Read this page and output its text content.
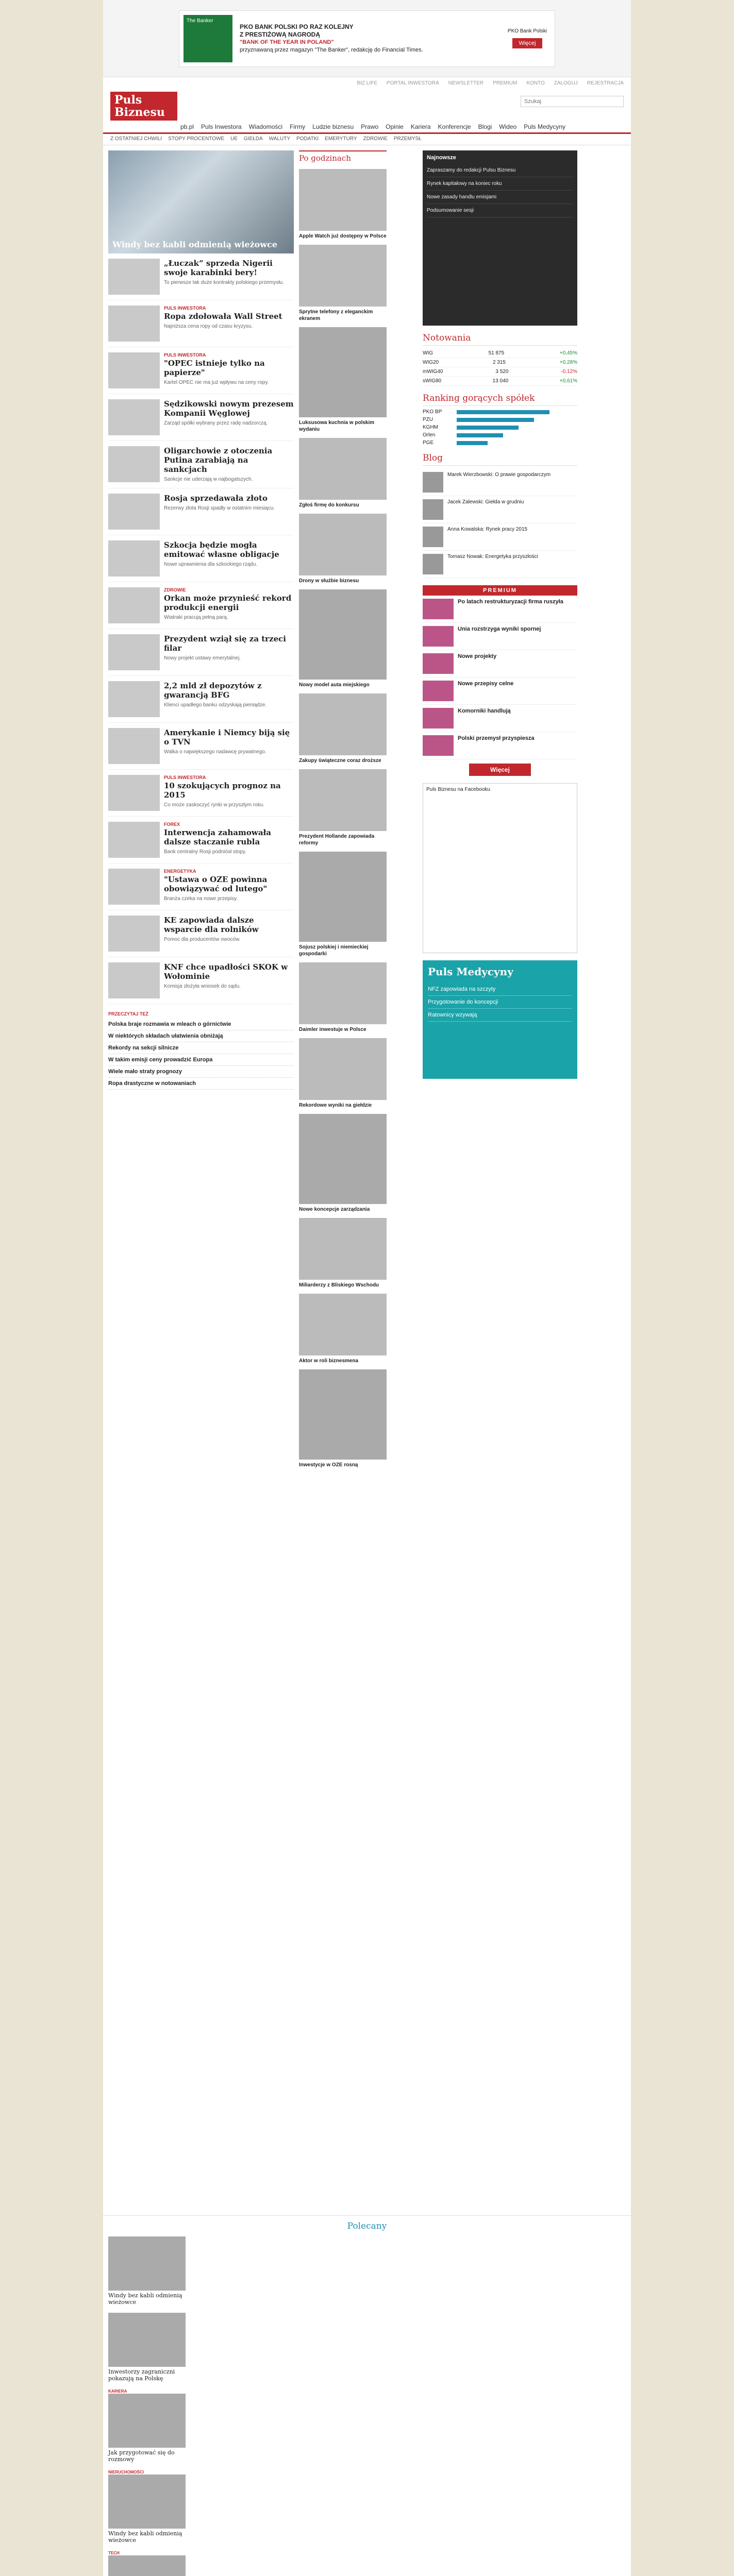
The Banker
PKO BANK POLSKI PO RAZ KOLEJNY
Z PRESTIŻOWĄ NAGRODĄ
"BANK OF THE YEAR IN POLAND"
przyznawaną przez magazyn "The Banker", redakcję do Financial Times.
PKO Bank Polski
Więcej
BIZ.LIFE PORTAL INWESTORA NEWSLETTER PREMIUM KONTO ZALOGUJ REJESTRACJA
Puls Biznesu
Szukaj
pb.pl Puls Inwestora Wiadomości Firmy Ludzie biznesu Prawo Opinie Kariera Konferencje Blogi Wideo Puls Medycyny
Z OSTATNIEJ CHWILI STOPY PROCENTOWE UE GIEŁDA WALUTY PODATKI EMERYTURY ZDROWIE PRZEMYSŁ
Windy bez kabli odmienią wieżowce
„Łuczak” sprzeda Nigerii swoje karabinki bery!
To pierwsze tak duże kontrakty polskiego przemysłu.
PULS INWESTORA
Ropa zdołowała Wall Street
Najniższa cena ropy od czasu kryzysu.
PULS INWESTORA
"OPEC istnieje tylko na papierze"
Kartel OPEC nie ma już wpływu na ceny ropy.
Sędzikowski nowym prezesem Kompanii Węglowej
Zarząd spółki wybrany przez radę nadzorczą.
Oligarchowie z otoczenia Putina zarabiają na sankcjach
Sankcje nie uderzają w najbogatszych.
Rosja sprzedawała złoto
Rezerwy złota Rosji spadły w ostatnim miesiącu.
Szkocja będzie mogła emitować własne obligacje
Nowe uprawnienia dla szkockiego rządu.
ZDROWIE
Orkan może przynieść rekord produkcji energii
Wiatraki pracują pełną parą.
Prezydent wziął się za trzeci filar
Nowy projekt ustawy emerytalnej.
2,2 mld zł depozytów z gwarancją BFG
Klienci upadłego banku odzyskają pieniądze.
Amerykanie i Niemcy biją się o TVN
Walka o największego nadawcę prywatnego.
PULS INWESTORA
10 szokujących prognoz na 2015
Co może zaskoczyć rynki w przyszłym roku.
FOREX
Interwencja zahamowała dalsze staczanie rubla
Bank centralny Rosji podniósł stopy.
ENERGETYKA
"Ustawa o OZE powinna obowiązywać od lutego"
Branża czeka na nowe przepisy.
KE zapowiada dalsze wsparcie dla rolników
Pomoc dla producentów owoców.
KNF chce upadłości SKOK w Wołominie
Komisja złożyła wniosek do sądu.
PRZECZYTAJ TEŻ
Polska braje rozmawia w mleach o górnictwie
W niektórych składach ułatwienia obniżają
Rekordy na sekcji silnicze
W takim emisji ceny prowadzić Europa
Wiele mało straty prognozy
Ropa drastyczne w notowaniach
Po godzinach
Apple Watch już dostępny w Polsce
Sprytne telefony z eleganckim ekranem
Luksusowa kuchnia w polskim wydaniu
Zgłoś firmę do konkursu
Drony w służbie biznesu
Nowy model auta miejskiego
Zakupy świąteczne coraz droższe
Prezydent Hollande zapowiada reformy
Sojusz polskiej i niemieckiej gospodarki
Daimler inwestuje w Polsce
Rekordowe wyniki na giełdzie
Nowe koncepcje zarządzania
Miliarderzy z Bliskiego Wschodu
Aktor w roli biznesmena
Inwestycje w OZE rosną
Najnowsze
Zapraszamy do redakcji Pulsu Biznesu
Rynek kapitałowy na koniec roku
Nowe zasady handlu emisjami
Podsumowanie sesji
Notowania
WIG	51 875	+0,45%
WIG20	2 315	+0,28%
mWIG40	3 520	-0,12%
sWIG80	13 040	+0,61%
Ranking gorących spółek
PKO BP
PZU
KGHM
Orlen
PGE
Blog
Marek Wierzbowski: O prawie gospodarczym
Jacek Zalewski: Giełda w grudniu
Anna Kowalska: Rynek pracy 2015
Tomasz Nowak: Energetyka przyszłości
PREMIUM
Po latach restrukturyzacji firma ruszyła
Unia rozstrzyga wyniki spornej
Nowe projekty
Nowe przepisy celne
Komorniki handlują
Polski przemysł przyspiesza
Więcej
Puls Biznesu na Facebooku
Puls Medycyny
NFZ zapowiada na szczyty
Przygotowanie do koncepcji
Ratownicy wzywają
Polecany
Windy bez kabli odmienią wieżowce
Inwestorzy zagraniczni pokazują na Polskę
KARIERA
Jak przygotować się do rozmowy
NIERUCHOMOŚCI
Windy bez kabli odmienią wieżowce
TECH
